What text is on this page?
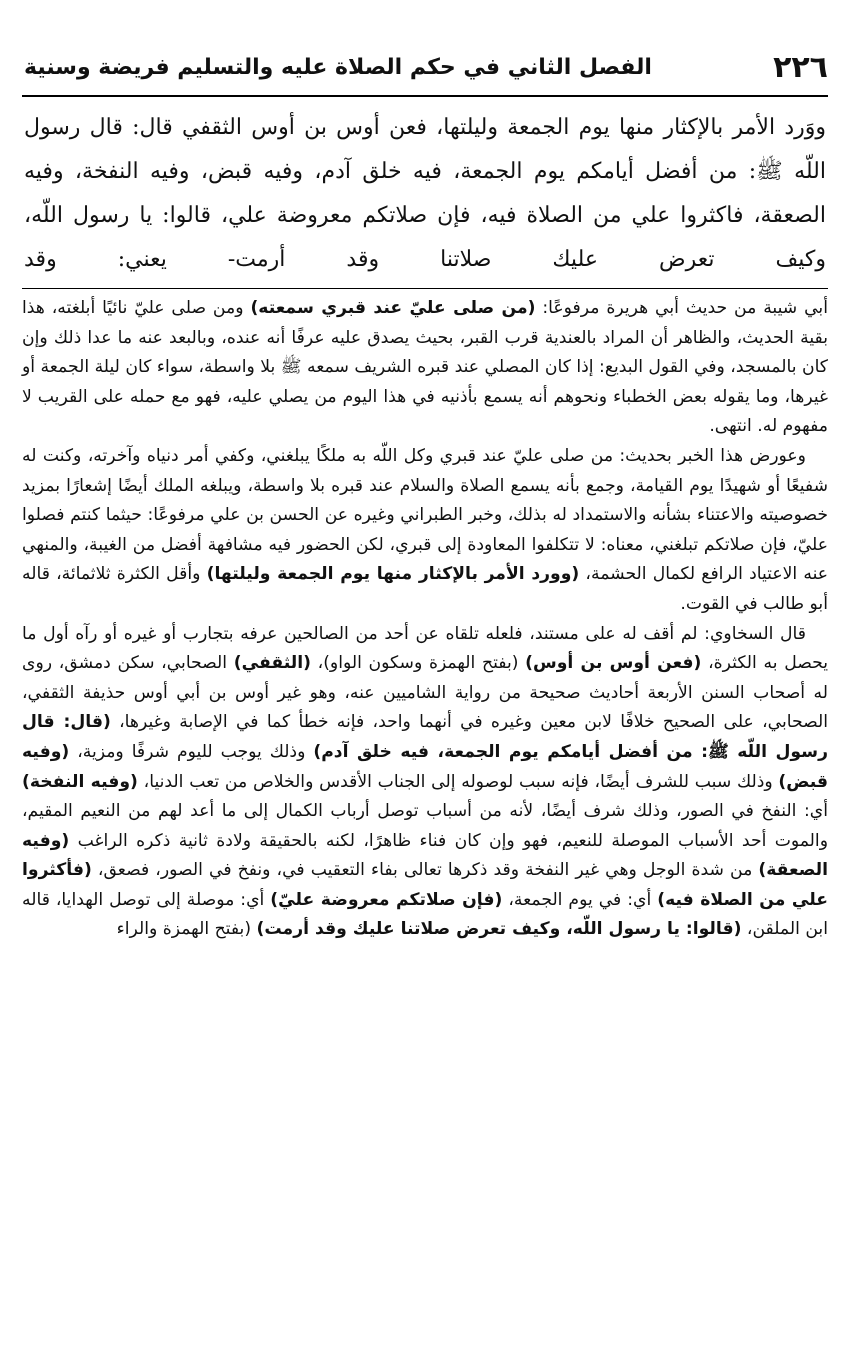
٢٢٦
الفصل الثاني في حكم الصلاة عليه والتسليم فريضة وسنية

ووَرد الأمر بالإكثار منها يوم الجمعة وليلتها، فعن أوس بن أوس الثقفي قال: قال رسول اللّه ﷺ: من أفضل أيامكم يوم الجمعة، فيه خلق آدم، وفيه قبض، وفيه النفخة، وفيه الصعقة، فاكثروا علي من الصلاة فيه، فإن صلاتكم معروضة علي، قالوا: يا رسول اللّه، وكيف تعرض عليك صلاتنا وقد أرمت- يعني: وقد

أبي شيبة من حديث أبي هريرة مرفوعًا: (من صلى عليّ عند قبري سمعته) ومن صلى عليّ نائيًا أبلغته، هذا بقية الحديث، والظاهر أن المراد بالعندية قرب القبر، بحيث يصدق عليه عرفًا أنه عنده، وبالبعد عنه ما عدا ذلك وإن كان بالمسجد، وفي القول البديع: إذا كان المصلي عند قبره الشريف سمعه ﷺ بلا واسطة، سواء كان ليلة الجمعة أو غيرها، وما يقوله بعض الخطباء ونحوهم أنه يسمع بأذنيه في هذا اليوم من يصلي عليه، فهو مع حمله على القريب لا مفهوم له. انتهى.

وعورض هذا الخبر بحديث: من صلى عليّ عند قبري وكل اللّه به ملكًا يبلغني، وكفي أمر دنياه وآخرته، وكنت له شفيعًا أو شهيدًا يوم القيامة، وجمع بأنه يسمع الصلاة والسلام عند قبره بلا واسطة، ويبلغه الملك أيضًا إشعارًا بمزيد خصوصيته والاعتناء بشأنه والاستمداد له بذلك، وخبر الطبراني وغيره عن الحسن بن علي مرفوعًا: حيثما كنتم فصلوا عليّ، فإن صلاتكم تبلغني، معناه: لا تتكلفوا المعاودة إلى قبري، لكن الحضور فيه مشافهة أفضل من الغيبة، والمنهي عنه الاعتياد الرافع لكمال الحشمة، (وورد الأمر بالإكثار منها يوم الجمعة وليلتها) وأقل الكثرة ثلاثمائة، قاله أبو طالب في القوت.

قال السخاوي: لم أقف له على مستند، فلعله تلقاه عن أحد من الصالحين عرفه بتجارب أو غيره أو رآه أول ما يحصل به الكثرة، (فعن أوس بن أوس) (بفتح الهمزة وسكون الواو)، (الثقفي) الصحابي، سكن دمشق، روى له أصحاب السنن الأربعة أحاديث صحيحة من رواية الشاميين عنه، وهو غير أوس بن أبي أوس حذيفة الثقفي، الصحابي، على الصحيح خلافًا لابن معين وغيره في أنهما واحد، فإنه خطأ كما في الإصابة وغيرها، (قال: قال رسول اللّه ﷺ: من أفضل أيامكم يوم الجمعة، فيه خلق آدم) وذلك يوجب لليوم شرفًا ومزية، (وفيه قبض) وذلك سبب للشرف أيضًا، فإنه سبب لوصوله إلى الجناب الأقدس والخلاص من تعب الدنيا، (وفيه النفخة) أي: النفخ في الصور، وذلك شرف أيضًا، لأنه من أسباب توصل أرباب الكمال إلى ما أعد لهم من النعيم المقيم، والموت أحد الأسباب الموصلة للنعيم، فهو وإن كان فناء ظاهرًا، لكنه بالحقيقة ولادة ثانية ذكره الراغب (وفيه الصعقة) من شدة الوجل وهي غير النفخة وقد ذكرها تعالى بفاء التعقيب في، ونفخ في الصور، فصعق، (فأكثروا علي من الصلاة فيه) أي: في يوم الجمعة، (فإن صلاتكم معروضة عليّ) أي: موصلة إلى توصل الهدايا، قاله ابن الملقن، (قالوا: يا رسول اللّه، وكيف تعرض صلاتنا عليك وقد أرمت) (بفتح الهمزة والراء
